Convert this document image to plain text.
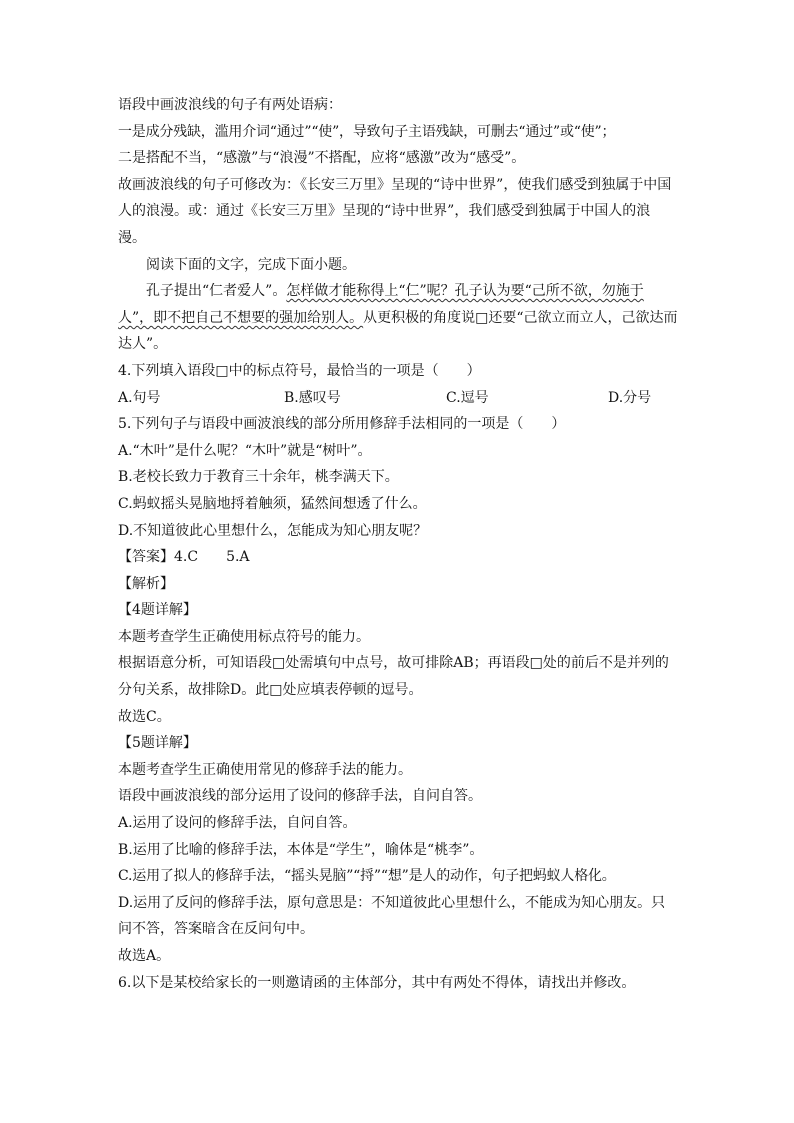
语段中画波浪线的句子有两处语病：

一是成分残缺，滥用介词“通过”“使”，导致句子主语残缺，可删去“通过”或“使”；

二是搭配不当，“感激”与“浪漫”不搭配，应将“感激”改为“感受”。

故画波浪线的句子可修改为：《长安三万里》呈现的“诗中世界”，使我们感受到独属于中国人的浪漫。或：通过《长安三万里》呈现的“诗中世界”，我们感受到独属于中国人的浪漫。

阅读下面的文字，完成下面小题。

孔子提出“仁者爱人”。怎样做才能称得上“仁”呢？孔子认为要“己所不欲，勿施于人”，即不把自己不想要的强加给别人。从更积极的角度说□还要“己欲立而立人，己欲达而达人”。

4.下列填入语段□中的标点符号，最恰当的一项是（　　）

A.句号	B.感叹号	C.逗号	D.分号

5.下列句子与语段中画波浪线的部分所用修辞手法相同的一项是（　　）

A.“木叶”是什么呢？“木叶”就是“树叶”。

B.老校长致力于教育三十余年，桃李满天下。

C.蚂蚁摇头晃脑地捋着触须，猛然间想透了什么。

D.不知道彼此心里想什么，怎能成为知心朋友呢？

【答案】4.C　　5.A

【解析】

【4题详解】

本题考查学生正确使用标点符号的能力。

根据语意分析，可知语段□处需填句中点号，故可排除AB；再语段□处的前后不是并列的分句关系，故排除D。此□处应填表停顿的逗号。

故选C。

【5题详解】

本题考查学生正确使用常见的修辞手法的能力。

语段中画波浪线的部分运用了设问的修辞手法，自问自答。

A.运用了设问的修辞手法，自问自答。

B.运用了比喻的修辞手法，本体是“学生”，喻体是“桃李”。

C.运用了拟人的修辞手法，“摇头晃脑”“捋”“想”是人的动作，句子把蚂蚁人格化。

D.运用了反问的修辞手法，原句意思是：不知道彼此心里想什么，不能成为知心朋友。只问不答，答案暗含在反问句中。

故选A。

6.以下是某校给家长的一则邀请函的主体部分，其中有两处不得体，请找出并修改。
